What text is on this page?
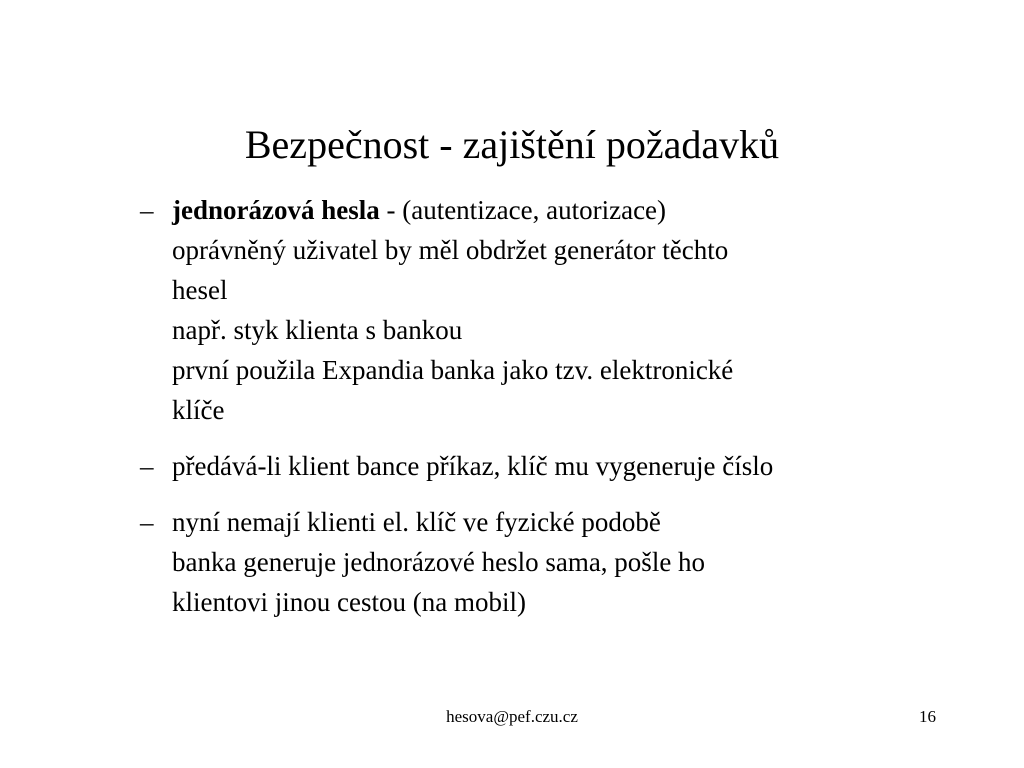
Bezpečnost - zajištění požadavků
– jednorázová hesla - (autentizace, autorizace)
oprávněný uživatel by měl obdržet generátor těchto
hesel
např. styk klienta s bankou
první použila Expandia banka jako tzv. elektronické
klíče
– předává-li klient bance příkaz, klíč mu vygeneruje číslo
– nyní nemají klienti el. klíč ve fyzické podobě
banka generuje jednorázové heslo sama, pošle ho
klientovi jinou cestou (na mobil)
hesova@pef.czu.cz	16
